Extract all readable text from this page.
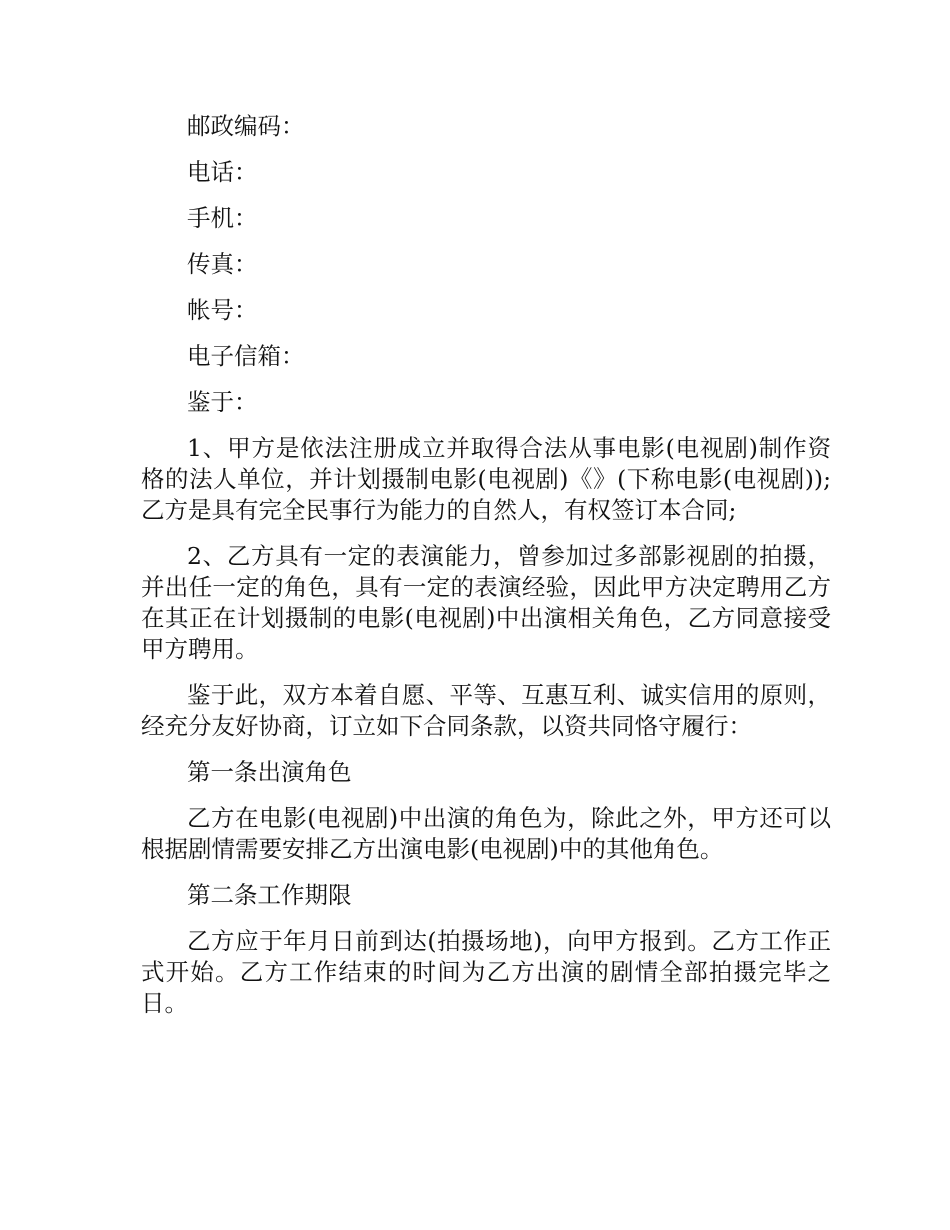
邮政编码：
电话：
手机：
传真：
帐号：
电子信箱：
鉴于：

1、甲方是依法注册成立并取得合法从事电影(电视剧)制作资格的法人单位，并计划摄制电影(电视剧)《》(下称电影(电视剧));乙方是具有完全民事行为能力的自然人，有权签订本合同;

2、乙方具有一定的表演能力，曾参加过多部影视剧的拍摄，并出任一定的角色，具有一定的表演经验，因此甲方决定聘用乙方在其正在计划摄制的电影(电视剧)中出演相关角色，乙方同意接受甲方聘用。

鉴于此，双方本着自愿、平等、互惠互利、诚实信用的原则，经充分友好协商，订立如下合同条款，以资共同恪守履行：

第一条出演角色

乙方在电影(电视剧)中出演的角色为，除此之外，甲方还可以根据剧情需要安排乙方出演电影(电视剧)中的其他角色。

第二条工作期限

乙方应于年月日前到达(拍摄场地)，向甲方报到。乙方工作正式开始。乙方工作结束的时间为乙方出演的剧情全部拍摄完毕之日。
